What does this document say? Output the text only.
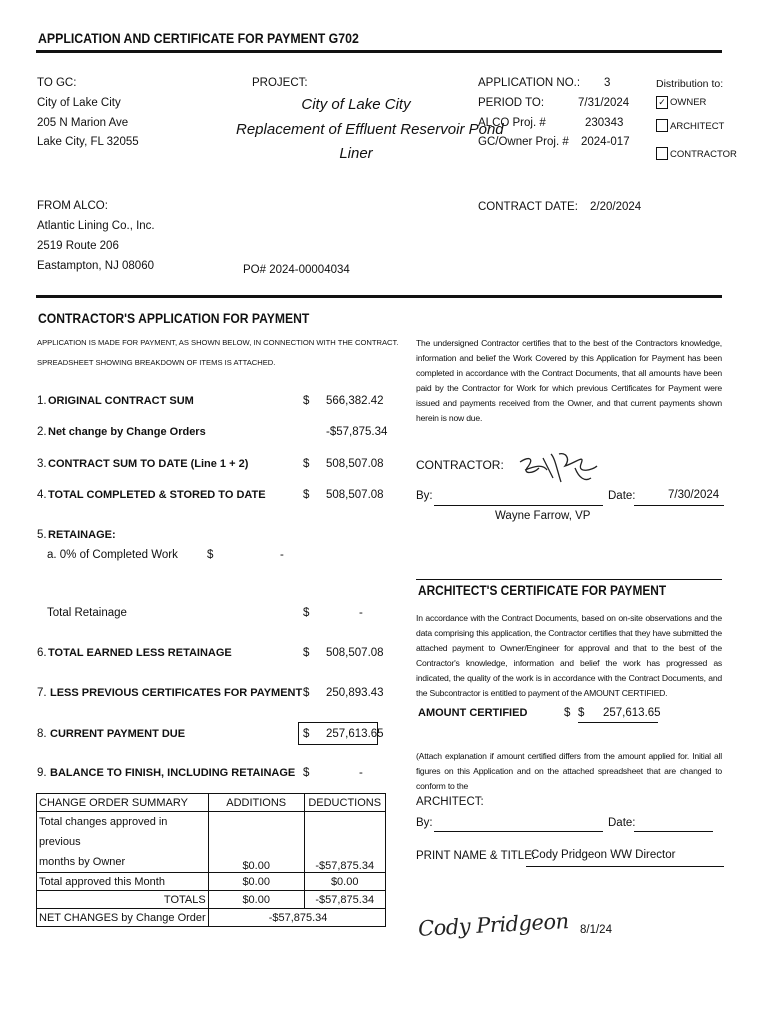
APPLICATION AND CERTIFICATE FOR PAYMENT G702
TO GC:
City of Lake City
205 N Marion Ave
Lake City, FL 32055
PROJECT:
City of Lake City
Replacement of Effluent Reservoir Pond
Liner
PO# 2024-00004034
APPLICATION NO.: 3
PERIOD TO:	7/31/2024
ALCO Proj. #	230343
GC/Owner Proj. # 2024-017
CONTRACT DATE: 2/20/2024
Distribution to:
✓ OWNER
ARCHITECT
CONTRACTOR
FROM ALCO:
Atlantic Lining Co., Inc.
2519 Route 206
Eastampton, NJ 08060
CONTRACTOR'S APPLICATION FOR PAYMENT
APPLICATION IS MADE FOR PAYMENT, AS SHOWN BELOW, IN CONNECTION WITH THE CONTRACT.
SPREADSHEET SHOWING BREAKDOWN OF ITEMS IS ATTACHED.
1. ORIGINAL CONTRACT SUM	$ 566,382.42
2. Net change by Change Orders	-$57,875.34
3. CONTRACT SUM TO DATE (Line 1 + 2)	$ 508,507.08
4. TOTAL COMPLETED & STORED TO DATE	$ 508,507.08
5. RETAINAGE:
a. 0% of Completed Work	$	-
Total Retainage	$	-
6. TOTAL EARNED LESS RETAINAGE	$ 508,507.08
7. LESS PREVIOUS CERTIFICATES FOR PAYMENT $ 250,893.43
8. CURRENT PAYMENT DUE	$ 257,613.65
9. BALANCE TO FINISH, INCLUDING RETAINAGE $	-
CHANGE ORDER SUMMARY	ADDITIONS	DEDUCTIONS
Total changes approved in previous
months by Owner	$0.00	-$57,875.34
Total approved this Month	$0.00	$0.00
TOTALS	$0.00	-$57,875.34
NET CHANGES by Change Order	-$57,875.34	
The undersigned Contractor certifies that to the best of the Contractors knowledge, information and belief the Work Covered by this Application for Payment has been completed in accordance with the Contract Documents, that all amounts have been paid by the Contractor for Work for which previous Certificates for Payment were issued and payments received from the Owner, and that current payments shown herein is now due.
CONTRACTOR:
By:	Date:	7/30/2024
Wayne Farrow, VP
ARCHITECT'S CERTIFICATE FOR PAYMENT
In accordance with the Contract Documents, based on on-site observations and the data comprising this application, the Contractor certifies that they have submitted the attached payment to Owner/Engineer for approval and that to the best of the Contractor's knowledge, information and belief the work has progressed as indicated, the quality of the work is in accordance with the Contract Documents, and the Subcontractor is entitled to payment of the AMOUNT CERTIFIED.
AMOUNT CERTIFIED	$ $ 257,613.65
(Attach explanation if amount certified differs from the amount applied for. Initial all figures on this Application and on the attached spreadsheet that are changed to conform to the
ARCHITECT:
By:	Date:
PRINT NAME & TITLE:
Cody Pridgeon WW Director
Cody Pridgeon 8/1/24
